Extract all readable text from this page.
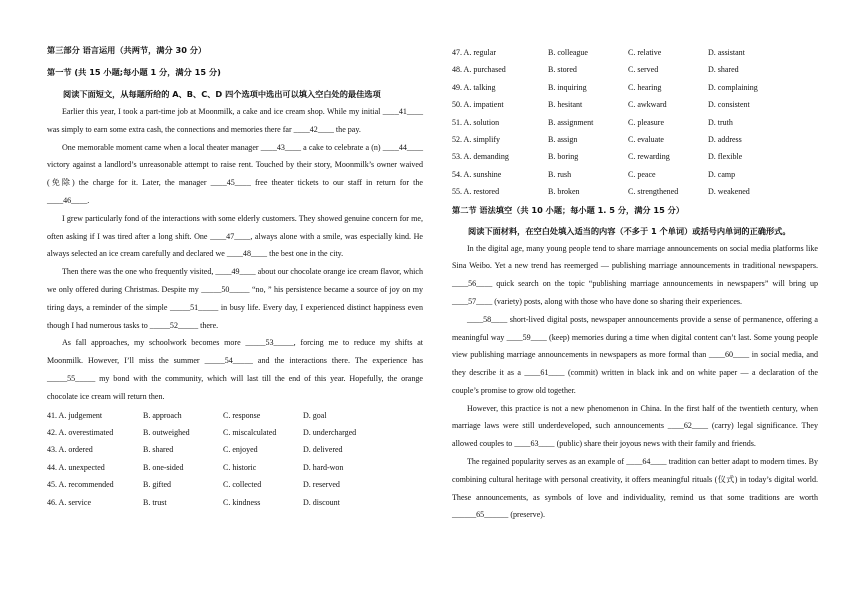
第三部分 语言运用（共两节，满分 30 分）
第一节 (共 15 小题;每小题 1 分，满分 15 分)
阅读下面短文，从每题所给的 A、B、C、D 四个选项中选出可以填入空白处的最佳选项

Earlier this year, I took a part-time job at Moonmilk, a cake and ice cream shop. While my initial ____41____ was simply to earn some extra cash, the connections and memories there far ____42____ the pay.

One memorable moment came when a local theater manager ____43____ a cake to celebrate a (n) ____44____ victory against a landlord’s unreasonable attempt to raise rent. Touched by their story, Moonmilk’s owner waived (免除) the charge for it. Later, the manager ____45____ free theater tickets to our staff in return for the ____46____.

I grew particularly fond of the interactions with some elderly customers. They showed genuine concern for me, often asking if I was tired after a long shift. One ____47____, always alone with a smile, was especially kind. He always selected an ice cream carefully and declared we ____48____ the best one in the city.

Then there was the one who frequently visited, ____49____ about our chocolate orange ice cream flavor, which we only offered during Christmas. Despite my _____50_____ “no, ” his persistence became a source of joy on my tiring days, a reminder of the simple _____51_____ in busy life. Every day, I experienced distinct happiness even though I had numerous tasks to _____52_____ there.

As fall approaches, my schoolwork becomes more _____53_____, forcing me to reduce my shifts at Moonmilk. However, I’ll miss the summer _____54_____ and the interactions there. The experience has _____55_____ my bond with the community, which will last till the end of this year. Hopefully, the orange chocolate ice cream will return then.

41. A. judgement	B. approach	C. response	D. goal
42. A. overestimated	B. outweighed	C. miscalculated	D. undercharged
43. A. ordered	B. shared	C. enjoyed	D. delivered
44. A. unexpected	B. one-sided	C. historic	D. hard-won
45. A. recommended	B. gifted	C. collected	D. reserved
46. A. service	B. trust	C. kindness	D. discount
47. A. regular	B. colleague	C. relative	D. assistant
48. A. purchased	B. stored	C. served	D. shared
49. A. talking	B. inquiring	C. hearing	D. complaining
50. A. impatient	B. hesitant	C. awkward	D. consistent
51. A. solution	B. assignment	C. pleasure	D. truth
52. A. simplify	B. assign	C. evaluate	D. address
53. A. demanding	B. boring	C. rewarding	D. flexible
54. A. sunshine	B. rush	C. peace	D. camp
55. A. restored	B. broken	C. strengthened	D. weakened
第二节 语法填空（共 10 小题；每小题 1. 5 分，满分 15 分）
阅读下面材料，在空白处填入适当的内容（不多于 1 个单词）或括号内单词的正确形式。

In the digital age, many young people tend to share marriage announcements on social media platforms like Sina Weibo. Yet a new trend has reemerged — publishing marriage announcements in traditional newspapers. ____56____ quick search on the topic “publishing marriage announcements in newspapers” will bring up ____57____ (variety) posts, along with those who have done so sharing their experiences.

____58____ short-lived digital posts, newspaper announcements provide a sense of permanence, offering a meaningful way ____59____ (keep) memories during a time when digital content can’t last. Some young people view publishing marriage announcements in newspapers as more formal than ____60____ in social media, and they describe it as a ____61____ (commit) written in black ink and on white paper — a declaration of the couple’s promise to grow old together.

However, this practice is not a new phenomenon in China. In the first half of the twentieth century, when marriage laws were still underdeveloped, such announcements ____62____ (carry) legal significance. They allowed couples to ____63____ (public) share their joyous news with their family and friends.

The regained popularity serves as an example of ____64____ tradition can better adapt to modern times. By combining cultural heritage with personal creativity, it offers meaningful rituals (仪式) in today’s digital world. These announcements, as symbols of love and individuality, remind us that some traditions are worth ______65______ (preserve).
